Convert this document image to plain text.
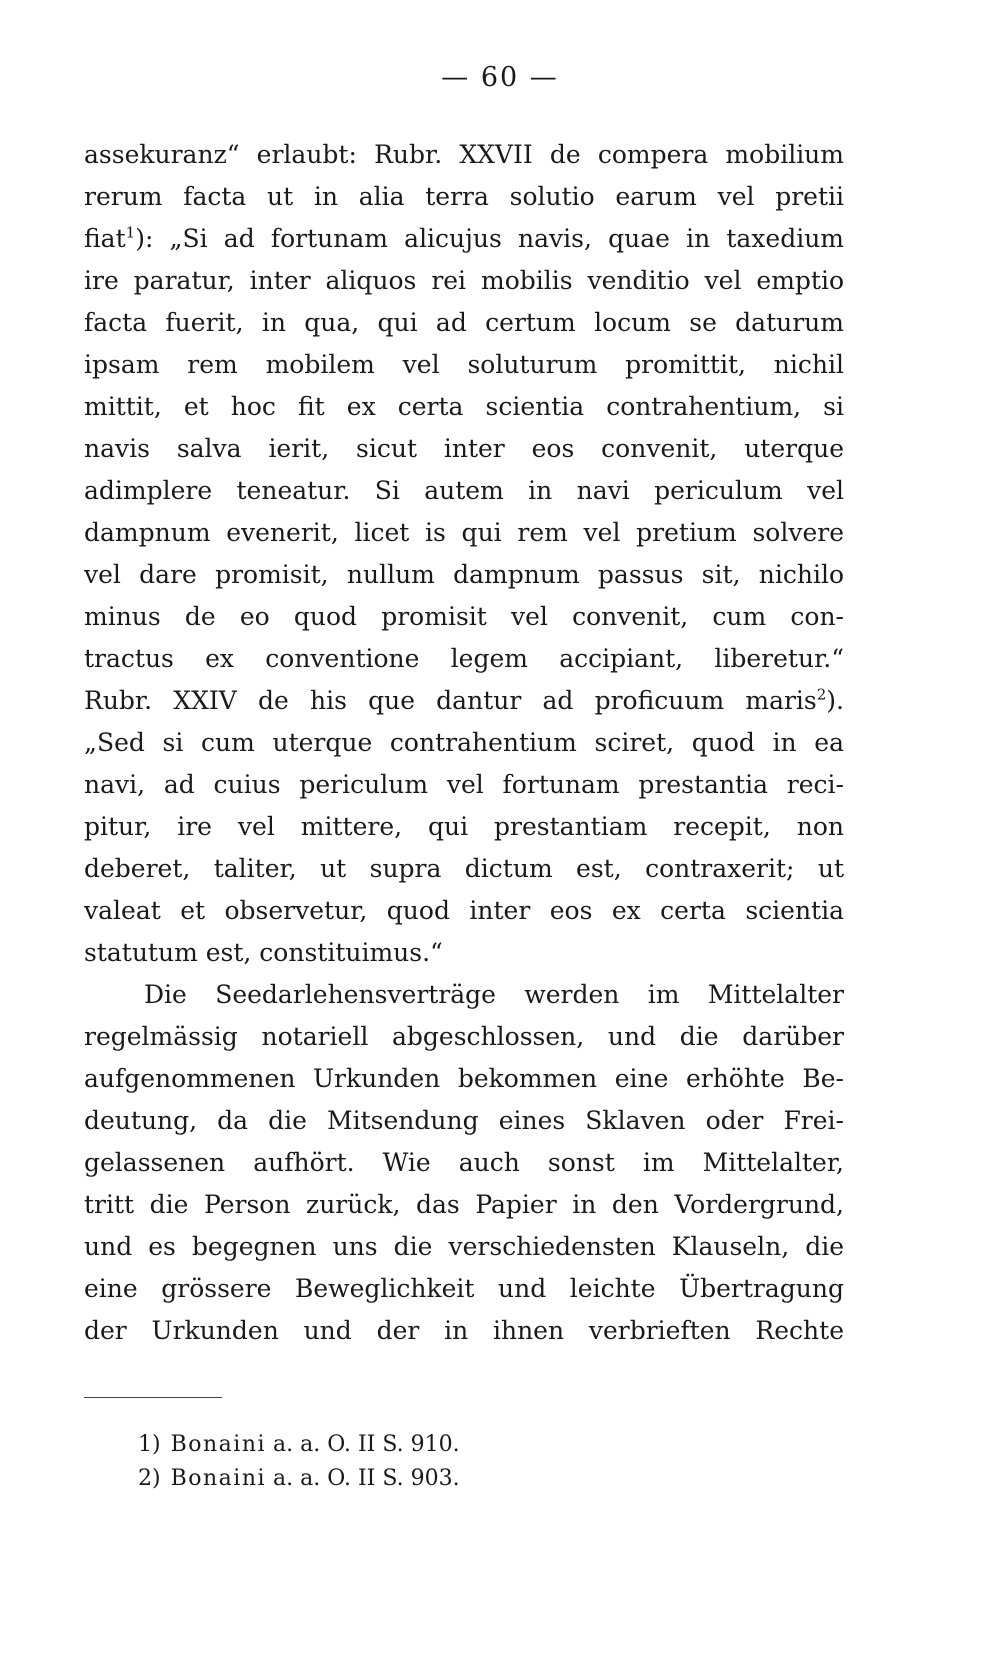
— 60 —
assekuranz“ erlaubt: Rubr. XXVII de compera mobilium
rerum facta ut in alia terra solutio earum vel pretii
fiat$^1$): „Si ad fortunam alicujus navis, quae in taxedium
ire paratur, inter aliquos rei mobilis venditio vel emptio
facta fuerit, in qua, qui ad certum locum se daturum
ipsam rem mobilem vel soluturum promittit, nichil
mittit, et hoc fit ex certa scientia contrahentium, si
navis salva ierit, sicut inter eos convenit, uterque
adimplere teneatur. Si autem in navi periculum vel
dampnum evenerit, licet is qui rem vel pretium solvere
vel dare promisit, nullum dampnum passus sit, nichilo
minus de eo quod promisit vel convenit, cum con-
tractus ex conventione legem accipiant, liberetur.“
Rubr. XXIV de his que dantur ad proficuum maris$^2$).
„Sed si cum uterque contrahentium sciret, quod in ea
navi, ad cuius periculum vel fortunam prestantia reci-
pitur, ire vel mittere, qui prestantiam recepit, non
deberet, taliter, ut supra dictum est, contraxerit; ut
valeat et observetur, quod inter eos ex certa scientia
statutum est, constituimus.“
Die Seedarlehensverträge werden im Mittelalter
regelmässig notariell abgeschlossen, und die darüber
aufgenommenen Urkunden bekommen eine erhöhte Be-
deutung, da die Mitsendung eines Sklaven oder Frei-
gelassenen aufhört. Wie auch sonst im Mittelalter,
tritt die Person zurück, das Papier in den Vordergrund,
und es begegnen uns die verschiedensten Klauseln, die
eine grössere Beweglichkeit und leichte Übertragung
der Urkunden und der in ihnen verbrieften Rechte
1) Bonaini a. a. O. II S. 910.
2) Bonaini a. a. O. II S. 903.
